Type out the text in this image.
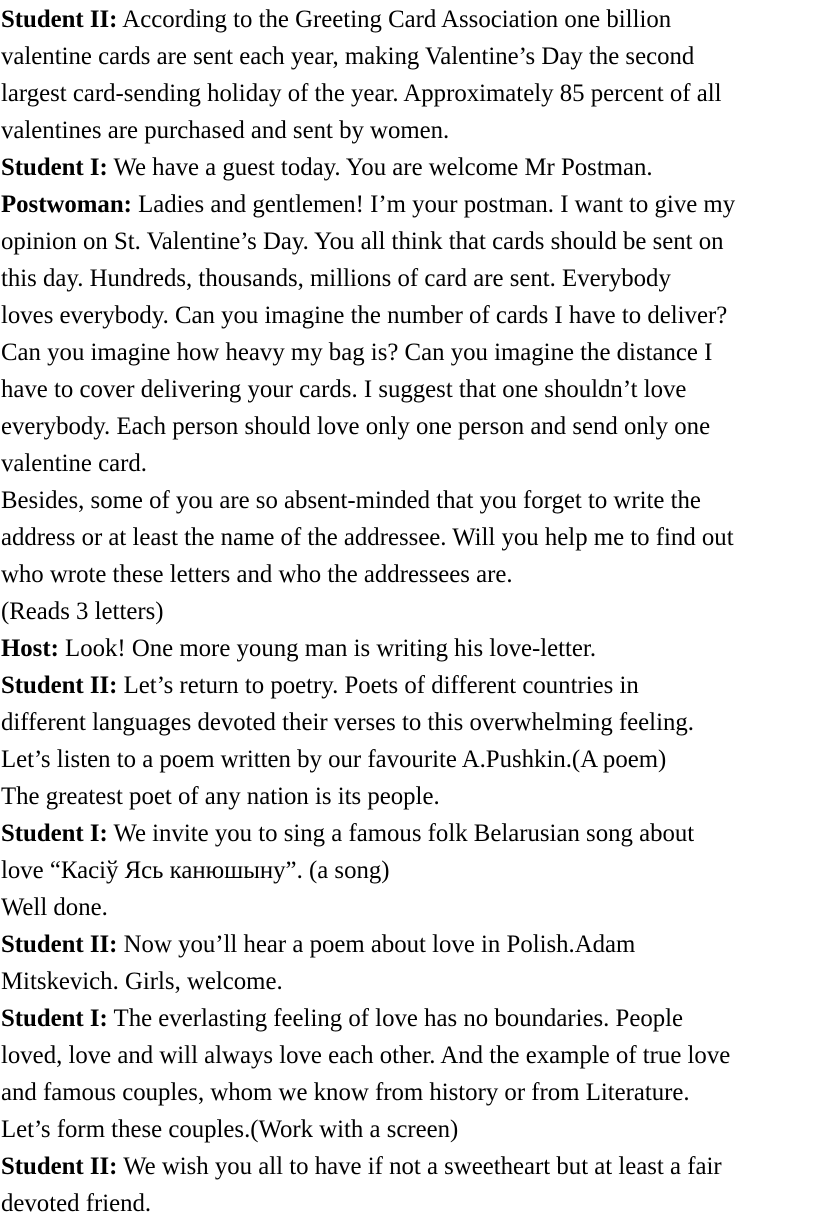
Student II: According to the Greeting Card Association one billion
valentine cards are sent each year, making Valentine’s Day the second
largest card-sending holiday of the year. Approximately 85 percent of all
valentines are purchased and sent by women.
Student I: We have a guest today. You are welcome Mr Postman.
Postwoman: Ladies and gentlemen! I’m your postman. I want to give my
opinion on St. Valentine’s Day. You all think that cards should be sent on
this day. Hundreds, thousands, millions of card are sent. Everybody
loves everybody. Can you imagine the number of cards I have to deliver?
Can you imagine how heavy my bag is? Can you imagine the distance I
have to cover delivering your cards. I suggest that one shouldn’t love
everybody. Each person should love only one person and send only one
valentine card.
Besides, some of you are so absent-minded that you forget to write the
address or at least the name of the addressee. Will you help me to find out
who wrote these letters and who the addressees are.
(Reads 3 letters)
Host: Look! One more young man is writing his love-letter.
Student II: Let’s return to poetry. Poets of different countries in
different languages devoted their verses to this overwhelming feeling.
Let’s listen to a poem written by our favourite A.Pushkin.(A poem)
The greatest poet of any nation is its people.
Student I: We invite you to sing a famous folk Belarusian song about
love “Касіў Ясь канюшыну”. (a song)
Well done.
Student II: Now you’ll hear a poem about love in Polish.Adam
Mitskevich. Girls, welcome.
Student I: The everlasting feeling of love has no boundaries. People
loved, love and will always love each other. And the example of true love
and famous couples, whom we know from history or from Literature.
Let’s form these couples.(Work with a screen)
Student II: We wish you all to have if not a sweetheart but at least a fair
devoted friend.
